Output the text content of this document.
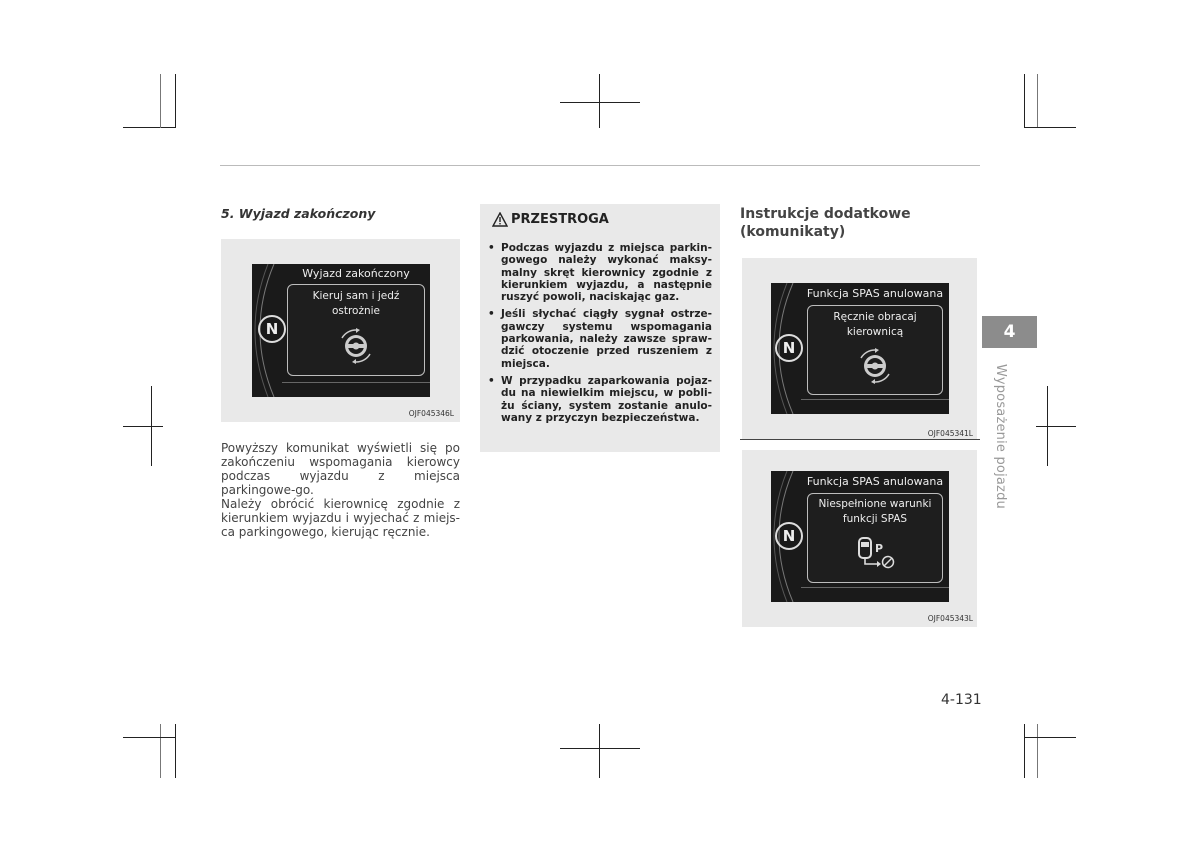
5. Wyjazd zakończony
N
Wyjazd zakończony
Kieruj sam i jedź ostrożnie
OJF045346L
Powyższy komunikat wyświetli się po zakończeniu wspomagania kierowcy podczas wyjazdu z miejsca parkingowe-go.
Należy obrócić kierownicę zgodnie z kierunkiem wyjazdu i wyjechać z miejs-ca parkingowego, kierując ręcznie.
PRZESTROGA
• Podczas wyjazdu z miejsca parkin-gowego należy wykonać maksy-malny skręt kierownicy zgodnie z kierunkiem wyjazdu, a następnie ruszyć powoli, naciskając gaz.
• Jeśli słychać ciągły sygnał ostrze-gawczy systemu wspomagania parkowania, należy zawsze spraw-dzić otoczenie przed ruszeniem z miejsca.
• W przypadku zaparkowania pojaz-du na niewielkim miejscu, w pobli-żu ściany, system zostanie anulo-wany z przyczyn bezpieczeństwa.
Instrukcje dodatkowe
(komunikaty)
N
Funkcja SPAS anulowana
Ręcznie obracaj kierownicą
OJF045341L
N
Funkcja SPAS anulowana
Niespełnione warunki funkcji SPAS
P
OJF045343L
4
Wyposażenie pojazdu
4-131
